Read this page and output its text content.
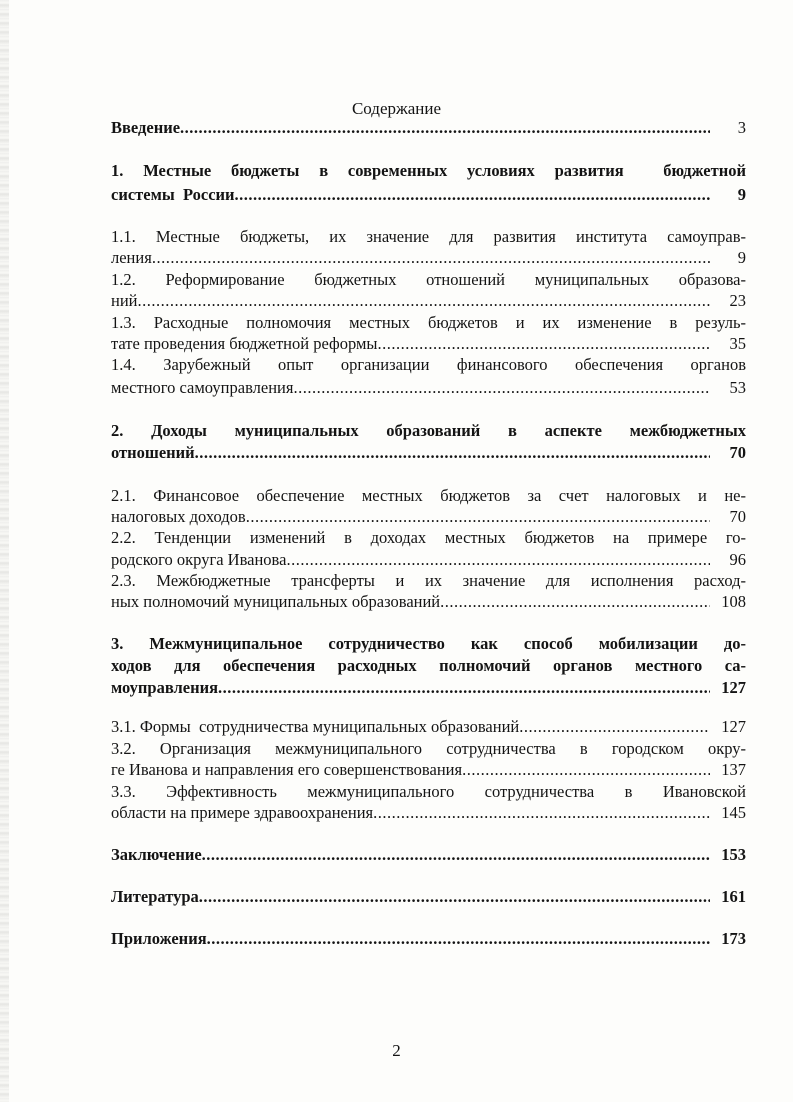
Содержание
Введение .....	3
1. Местные бюджеты в современных условиях развития  бюджетной
системы  России .....	9
1.1. Местные бюджеты, их значение для развития института самоупрaв-
ления .....	9
1.2. Реформирование бюджетных отношений муниципальных образова-
ний .....	23
1.3. Расходные полномочия местных бюджетов и их изменение в резуль-
тате проведения бюджетной реформы .....	35
1.4. Зарубежный опыт организации финансового обеспечения органов
местного самоуправления .....	53
2. Доходы муниципальных образований в аспекте межбюджетных
отношений .....	70
2.1. Финансовое обеспечение местных бюджетов за счет налоговых и не-
налоговых доходов .....	70
2.2. Тенденции изменений в доходах местных бюджетов на примере го-
родского округа Иванова .....	96
2.3. Межбюджетные трансферты и их значение для исполнения расход-
ных полномочий муниципальных образований .....	108
3. Межмуниципальное сотрудничество как способ мобилизации до-
ходов для обеспечения расходных полномочий органов местного са-
моуправления .....	127
3.1. Формы  сотрудничества муниципальных образований .....	127
3.2. Организация межмуниципального сотрудничества в городском окру-
ге Иванова и направления его совершенствования .....	137
3.3. Эффективность межмуниципального сотрудничества в Ивановской
области на примере здравоохранения .....	145
Заключение .....	153
Литература .....	161
Приложения .....	173
2
